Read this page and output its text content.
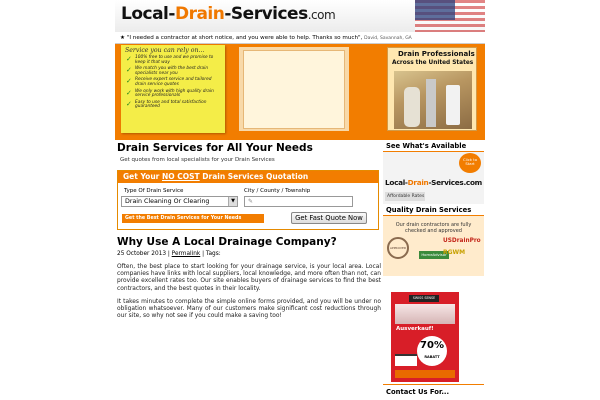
Local-Drain-Services.com
★ "I needed a contractor at short notice, and you were able to help. Thanks so much", David, Savannah, GA
Service you can rely on...
✓ 100% free to use and we promise to keep it that way
✓ We match you with the best drain specialists near you
✓ Receive expert service and tailored drain service quotes
✓ We only work with high quality drain service professionals
✓ Easy to use and total satisfaction guaranteed
Drain Professionals
Across the United States
Drain Services for All Your Needs
Get quotes from local specialists for your Drain Services
Get Your NO COST Drain Services Quotation
Type Of Drain Service	City / County / Township
Drain Cleaning Or Clearing	▼	✎
Get the Best Drain Services for Your Needs	Get Fast Quote Now
Why Use A Local Drainage Company?
25 October 2013 | Permalink | Tags:

Often, the best place to start looking for your drainage service, is your local area. Local companies have links with local suppliers, local knowledge, and more often than not, can provide excellent rates too. Our site enables buyers of drainage services to find the best contractors, and the best quotes in their locality.

It takes minutes to complete the simple online forms provided, and you will be under no obligation whatsoever. Many of our customers make significant cost reductions through our site, so why not see if you could make a saving too!

See What's Available
Click to Start
Local-Drain-Services.com
Affordable Rates
Quality Drain Services
Our drain contractors are fully checked and approved
APPROVED
USDrainPro
HomeAdvisor
RGWM
SWISS SENSE
Ausverkauf!
70%
RABATT
Contact Us For...
